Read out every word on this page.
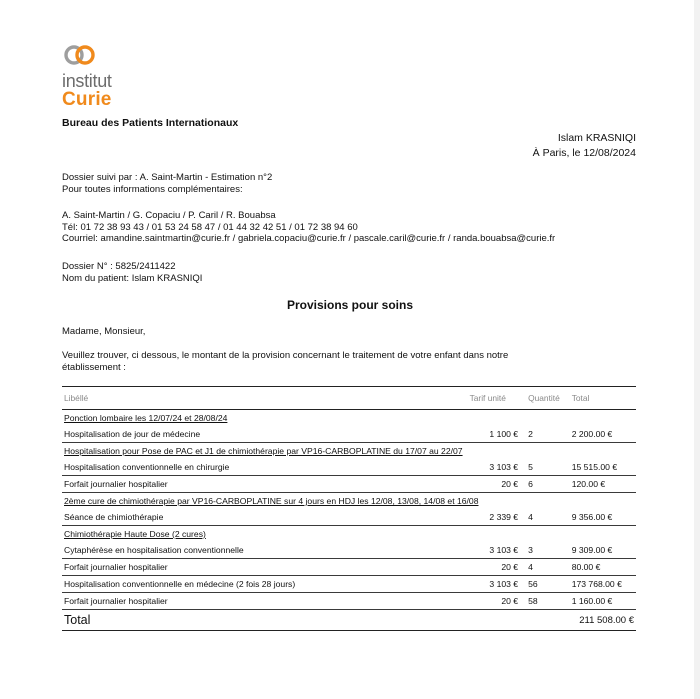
institut
Curie
Bureau des Patients Internationaux
Islam KRASNIQI
À Paris, le 12/08/2024
Dossier suivi par : A. Saint-Martin - Estimation n°2
Pour toutes informations complémentaires:
A. Saint-Martin / G. Copaciu / P. Caril / R. Bouabsa
Tél: 01 72 38 93 43 / 01 53 24 58 47 / 01 44 32 42 51 / 01 72 38 94 60
Courriel: amandine.saintmartin@curie.fr / gabriela.copaciu@curie.fr / pascale.caril@curie.fr / randa.bouabsa@curie.fr
Dossier N° : 5825/2411422
Nom du patient: Islam KRASNIQI
Provisions pour soins
Madame, Monsieur,
Veuillez trouver, ci dessous, le montant de la provision concernant le traitement de votre enfant dans notre
établissement :
Libéllé	Tarif unité	Quantité	Total
Ponction lombaire les 12/07/24 et 28/08/24			
Hospitalisation de jour de médecine	1 100 €	2	2 200.00 €
Hospitalisation pour Pose de PAC et J1 de chimiothérapie par VP16-CARBOPLATINE du 17/07 au 22/07			
Hospitalisation conventionnelle en chirurgie	3 103 €	5	15 515.00 €
Forfait journalier hospitalier	20 €	6	120.00 €
2ème cure de chimiothérapie par VP16-CARBOPLATINE sur 4 jours en HDJ les 12/08, 13/08, 14/08 et 16/08			
Séance de chimiothérapie	2 339 €	4	9 356.00 €
Chimiothérapie Haute Dose (2 cures)			
Cytaphérèse en hospitalisation conventionnelle	3 103 €	3	9 309.00 €
Forfait journalier hospitalier	20 €	4	80.00 €
Hospitalisation conventionnelle en médecine (2 fois 28 jours)	3 103 €	56	173 768.00 €
Forfait journalier hospitalier	20 €	58	1 160.00 €
Total	211 508.00 €		
